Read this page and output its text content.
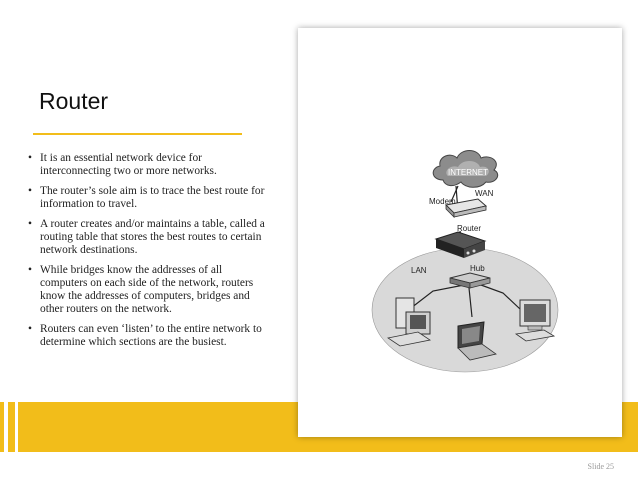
Router
• It is an essential network device for interconnecting two or more networks.
• The router’s sole aim is to trace the best route for information to travel.
• A router creates and/or maintains a table, called a routing table that stores the best routes to certain network destinations.
• While bridges know the addresses of all computers on each side of the network, routers know the addresses of computers, bridges and other routers on the network.
• Routers can even ‘listen’ to the entire network to determine which sections are the busiest.
INTERNET
WAN
Modem
Router
Hub
LAN
Slide 25
